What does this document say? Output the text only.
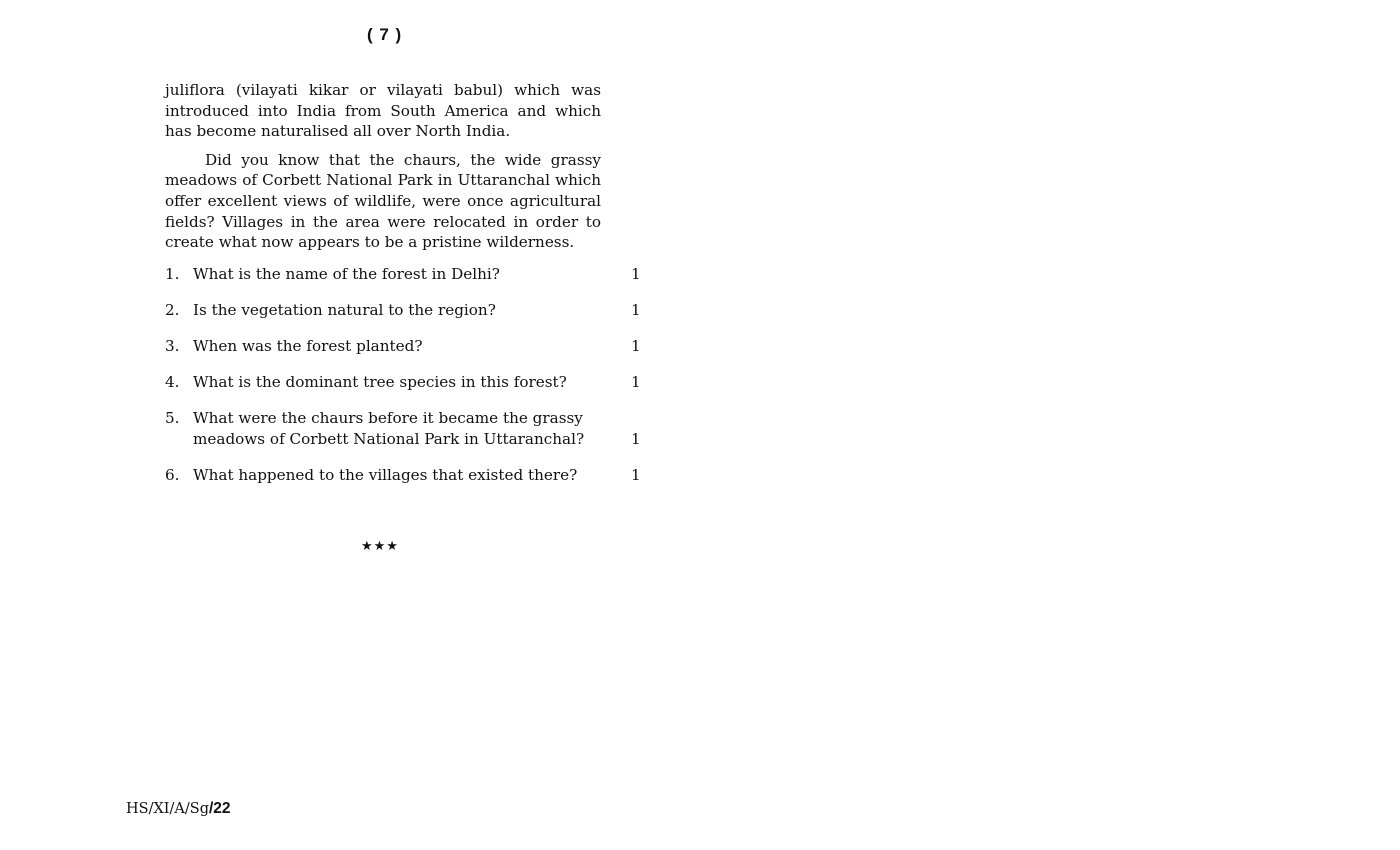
( 7 )

juliflora (vilayati kikar or vilayati babul) which was introduced into India from South America and which has become naturalised all over North India.

Did you know that the chaurs, the wide grassy meadows of Corbett National Park in Uttaranchal which offer excellent views of wildlife, were once agricultural fields? Villages in the area were relocated in order to create what now appears to be a pristine wilderness.

1. What is the name of the forest in Delhi?	1
2. Is the vegetation natural to the region?	1
3. When was the forest planted?	1
4. What is the dominant tree species in this forest?	1
5. What were the chaurs before it became the grassy meadows of Corbett National Park in Uttaranchal?	1
6. What happened to the villages that existed there?	1
★★★
HS/XI/A/Sg/22
